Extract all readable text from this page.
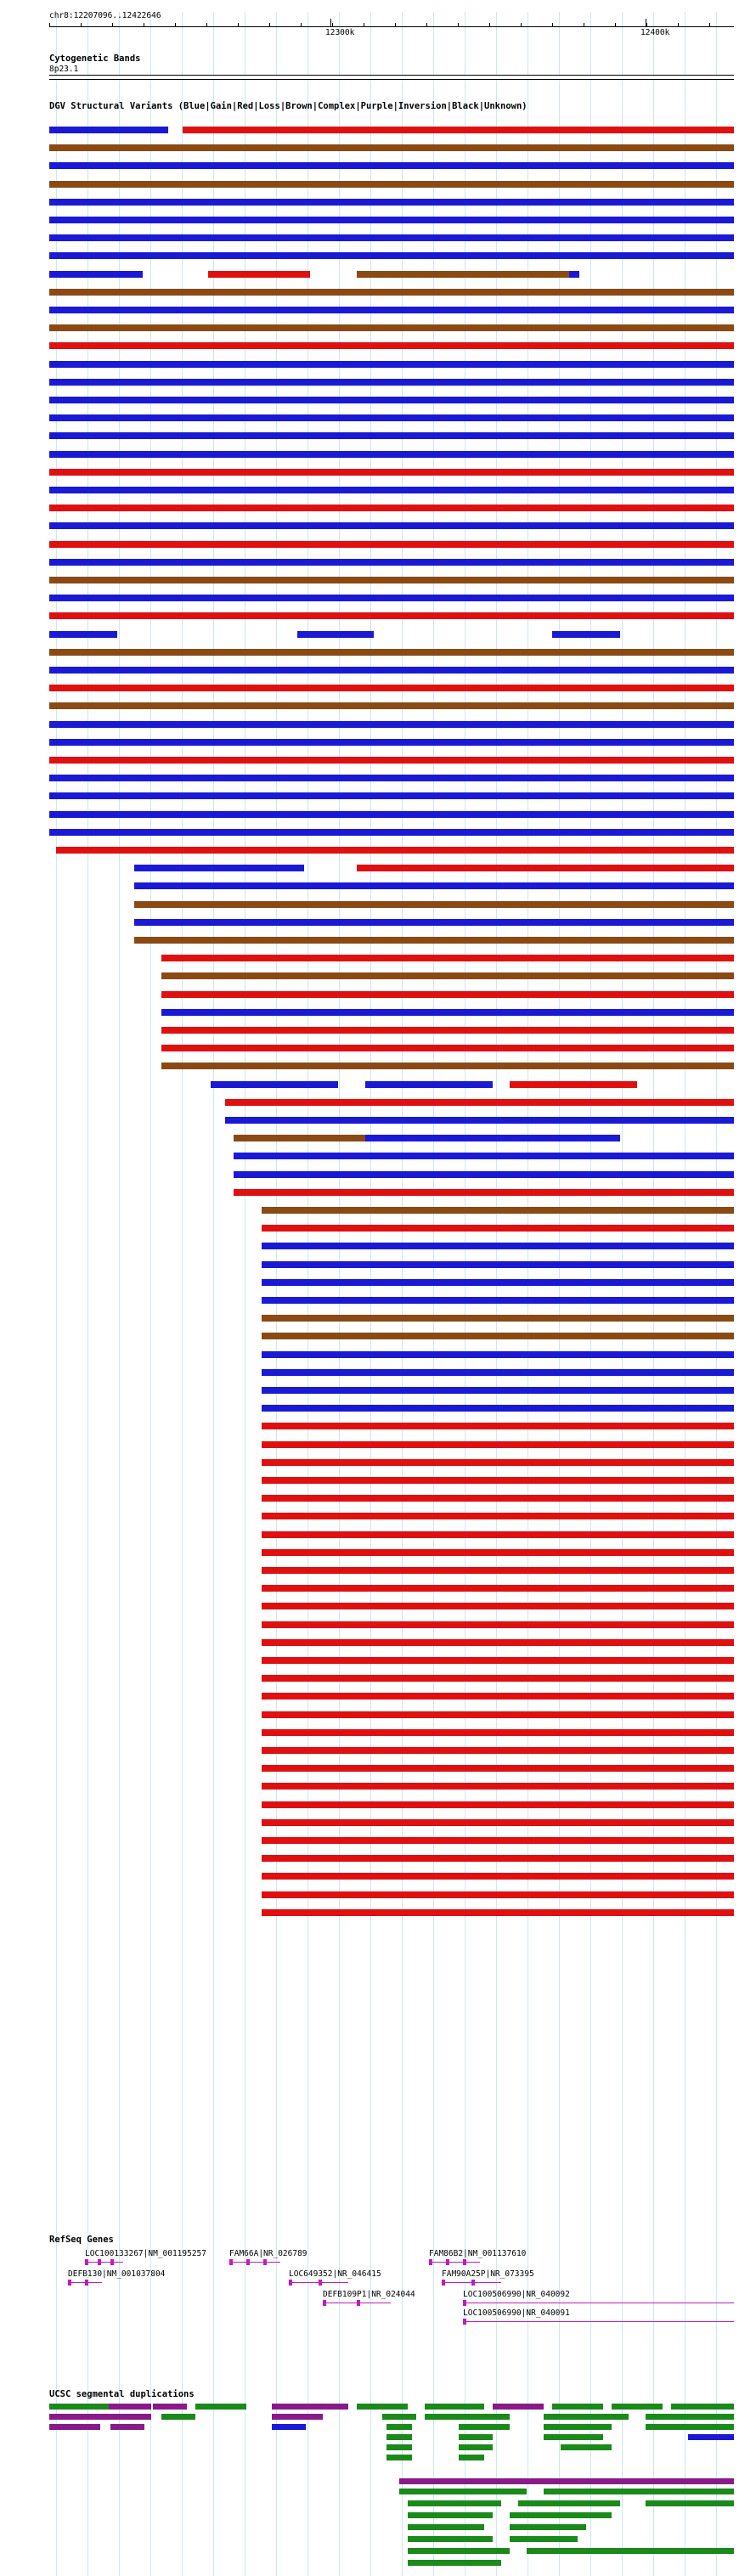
chr8:12207096..12422646
12300k	12400k
Cytogenetic Bands
8p23.1
DGV Structural Variants (Blue|Gain|Red|Loss|Brown|Complex|Purple|Inversion|Black|Unknown)
RefSeq Genes
LOC100133267|NM_001195257
DEFB130|NM_001037804
FAM66A|NR_026789
LOC649352|NR_046415
DEFB109P1|NR_024044
FAM86B2|NM_001137610
FAM90A25P|NR_073395
LOC100506990|NR_040092
LOC100506990|NR_040091
UCSC segmental duplications
